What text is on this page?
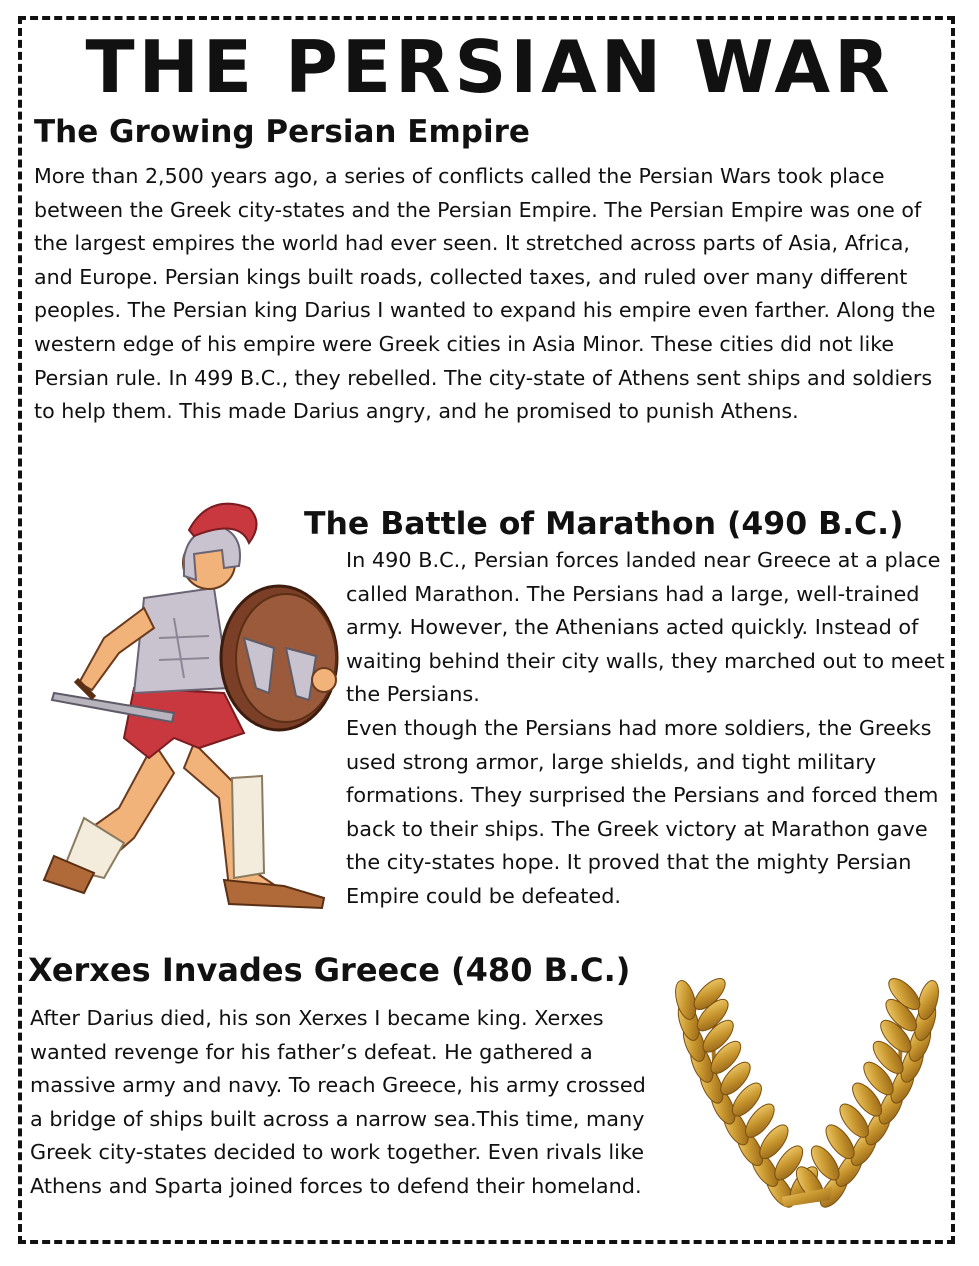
THE PERSIAN WAR
The Growing Persian Empire

More than 2,500 years ago, a series of conflicts called the Persian Wars took place between the Greek city-states and the Persian Empire. The Persian Empire was one of the largest empires the world had ever seen. It stretched across parts of Asia, Africa, and Europe. Persian kings built roads, collected taxes, and ruled over many different peoples. The Persian king Darius I wanted to expand his empire even farther. Along the western edge of his empire were Greek cities in Asia Minor. These cities did not like Persian rule. In 499 B.C., they rebelled. The city-state of Athens sent ships and soldiers to help them. This made Darius angry, and he promised to punish Athens.

The Battle of Marathon (490 B.C.)

In 490 B.C., Persian forces landed near Greece at a place called Marathon. The Persians had a large, well-trained army. However, the Athenians acted quickly. Instead of waiting behind their city walls, they marched out to meet the Persians.
Even though the Persians had more soldiers, the Greeks used strong armor, large shields, and tight military formations. They surprised the Persians and forced them back to their ships. The Greek victory at Marathon gave the city-states hope. It proved that the mighty Persian Empire could be defeated.

Xerxes Invades Greece (480 B.C.)

After Darius died, his son Xerxes I became king. Xerxes wanted revenge for his father’s defeat. He gathered a massive army and navy. To reach Greece, his army crossed a bridge of ships built across a narrow sea.This time, many Greek city-states decided to work together. Even rivals like Athens and Sparta joined forces to defend their homeland.
